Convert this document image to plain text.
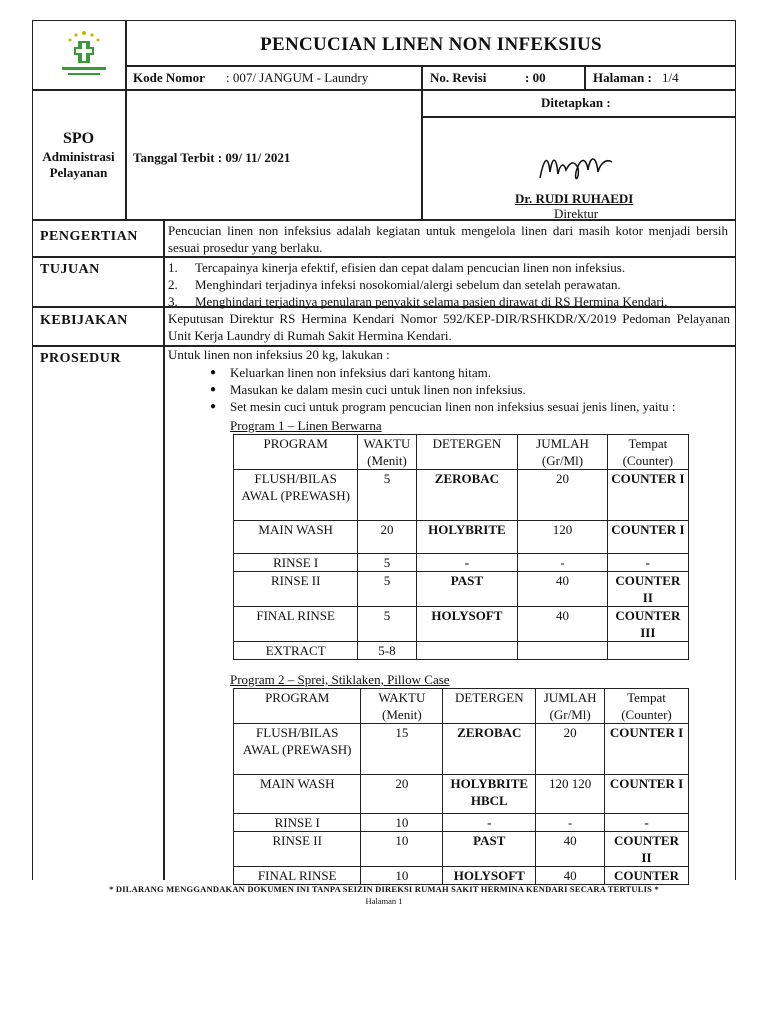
PENCUCIAN LINEN NON INFEKSIUS
Kode Nomor : 007/ JANGUM - Laundry	No. Revisi	: 00	Halaman : 1/4
SPO
Administrasi
Pelayanan
Tanggal Terbit : 09/ 11/ 2021
Ditetapkan :
Dr. RUDI RUHAEDI
Direktur
PENGERTIAN Pencucian linen non infeksius adalah kegiatan untuk mengelola linen dari masih kotor menjadi bersih sesuai prosedur yang berlaku.
TUJUAN	1.	Tercapainya kinerja efektif, efisien dan cepat dalam pencucian linen non infeksius.
2.	Menghindari terjadinya infeksi nosokomial/alergi sebelum dan setelah perawatan.
3.	Menghindari terjadinya penularan penyakit selama pasien dirawat di RS Hermina Kendari.
KEBIJAKAN	Keputusan Direktur RS Hermina Kendari Nomor 592/KEP-DIR/RSHKDR/X/2019 Pedoman Pelayanan Unit Kerja Laundry di Rumah Sakit Hermina Kendari.
PROSEDUR	Untuk linen non infeksius 20 kg, lakukan :
● Keluarkan linen non infeksius dari kantong hitam.
● Masukan ke dalam mesin cuci untuk linen non infeksius.
● Set mesin cuci untuk program pencucian linen non infeksius sesuai jenis linen, yaitu :
Program 1 – Linen Berwarna
PROGRAM	WAKTU (Menit)	DETERGEN	JUMLAH (Gr/Ml)	Tempat (Counter)
FLUSH/BILAS AWAL (PREWASH)	5	ZEROBAC	20	COUNTER I
MAIN WASH	20	HOLYBRITE	120	COUNTER I
RINSE I	5	-	-	-
RINSE II	5	PAST	40	COUNTER II
FINAL RINSE	5	HOLYSOFT	40	COUNTER III
EXTRACT	5-8			
Program 2 – Sprei, Stiklaken, Pillow Case
PROGRAM	WAKTU (Menit)	DETERGEN	JUMLAH (Gr/Ml)	Tempat (Counter)
FLUSH/BILAS AWAL (PREWASH)	15	ZEROBAC	20	COUNTER I
MAIN WASH	20	HOLYBRITE HBCL	120 120	COUNTER I
RINSE I	10	-	-	-
RINSE II	10	PAST	40	COUNTER II
FINAL RINSE	10	HOLYSOFT	40	COUNTER
* DILARANG MENGGANDAKAN DOKUMEN INI TANPA SEIZIN DIREKSI RUMAH SAKIT HERMINA KENDARI SECARA TERTULIS *
Halaman 1
